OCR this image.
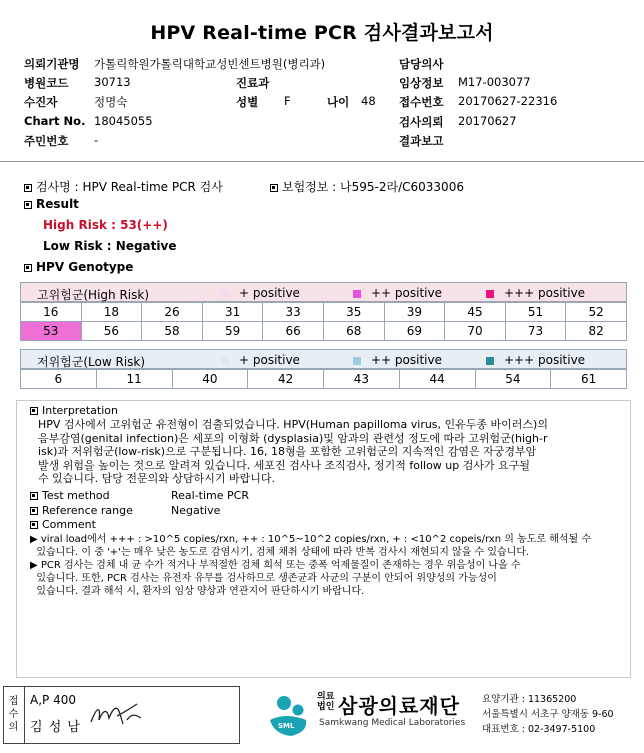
HPV Real-time PCR 검사결과보고서
의뢰기관명 가톨릭학원가톨릭대학교성빈센트병원(병리과)
병원코드 30713
수진자	정명숙
Chart No. 18045055
주민번호 -
진료과
성별 F	나이 48
담당의사
임상정보 M17-003077
접수번호 20170627-22316
검사의뢰 20170627
결과보고
검사명 : HPV Real-time PCR 검사	보험정보 : 나595-2라/C6033006
Result
High Risk : 53(++)
Low Risk : Negative
HPV Genotype
고위험군(High Risk)	+ positive	++ positive	+++ positive
16	18	26	31	33	35	39	45	51	52
53	56	58	59	66	68	69	70	73	82
저위험군(Low Risk)	+ positive	++ positive	+++ positive
6	11	40	42	43	44	54	61
Interpretation
HPV 검사에서 고위험군 유전형이 검출되었습니다. HPV(Human papilloma virus, 인유두종 바이러스)의
음부감염(genital infection)은 세포의 이형화 (dysplasia)및 암과의 관련성 정도에 따라 고위험군(high-r
isk)과 저위험군(low-risk)으로 구분됩니다. 16, 18형을 포함한 고위험군의 지속적인 감염은 자궁경부암
발생 위험을 높이는 것으로 알려져 있습니다. 세포진 검사나 조직검사, 정기적 follow up 검사가 요구될
수 있습니다. 담당 전문의와 상담하시기 바랍니다.
Test method	Real-time PCR
Reference range	Negative
Comment
▶ viral load에서 +++ : >10^5 copies/rxn, ++ : 10^5~10^2 copies/rxn, + : <10^2 copeis/rxn 의 농도로 해석될 수
있습니다. 이 중 '+'는 매우 낮은 농도로 감염시기, 검체 채취 상태에 따라 반복 검사시 재현되지 않을 수 있습니다.
▶ PCR 검사는 검체 내 균 수가 적거나 부적절한 검체 희석 또는 중폭 억제물질이 존재하는 경우 위음성이 나올 수
있습니다. 또한, PCR 검사는 유전자 유무를 검사하므로 생존균과 사균의 구분이 안되어 위양성의 가능성이
있습니다. 결과 해석 시, 환자의 임상 양상과 연관지어 판단하시기 바랍니다.
접
수
의
A,P 400
김 성 남	SML
의료
법인 삼광의료재단
Samkwang Medical Laboratories
요양기관 : 11365200
서울특별시 서초구 양재동 9-60
대표번호 : 02-3497-5100
